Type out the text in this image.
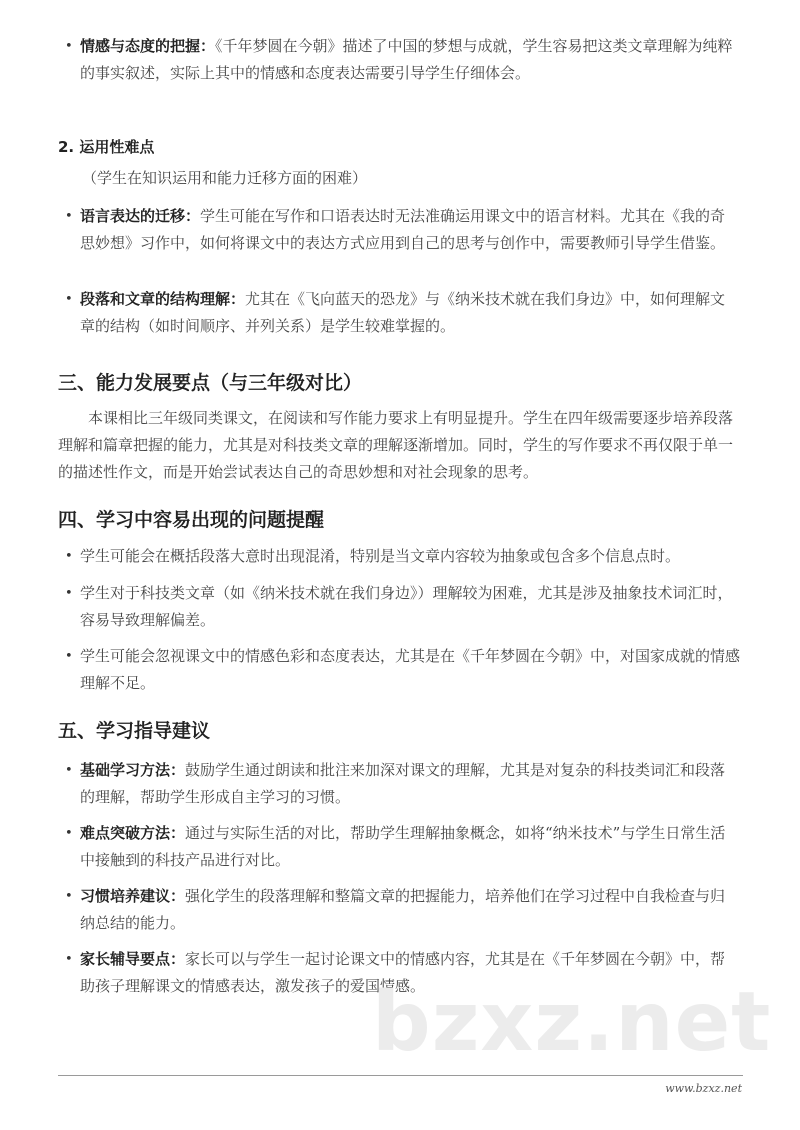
• 情感与态度的把握：《千年梦圆在今朝》描述了中国的梦想与成就，学生容易把这类文章理解为纯粹的事实叙述，实际上其中的情感和态度表达需要引导学生仔细体会。
2. 运用性难点
（学生在知识运用和能力迁移方面的困难）
• 语言表达的迁移：学生可能在写作和口语表达时无法准确运用课文中的语言材料。尤其在《我的奇思妙想》习作中，如何将课文中的表达方式应用到自己的思考与创作中，需要教师引导学生借鉴。
• 段落和文章的结构理解：尤其在《飞向蓝天的恐龙》与《纳米技术就在我们身边》中，如何理解文章的结构（如时间顺序、并列关系）是学生较难掌握的。
三、能力发展要点（与三年级对比）
本课相比三年级同类课文，在阅读和写作能力要求上有明显提升。学生在四年级需要逐步培养段落理解和篇章把握的能力，尤其是对科技类文章的理解逐渐增加。同时，学生的写作要求不再仅限于单一的描述性作文，而是开始尝试表达自己的奇思妙想和对社会现象的思考。
四、学习中容易出现的问题提醒
• 学生可能会在概括段落大意时出现混淆，特别是当文章内容较为抽象或包含多个信息点时。
• 学生对于科技类文章（如《纳米技术就在我们身边》）理解较为困难，尤其是涉及抽象技术词汇时，容易导致理解偏差。
• 学生可能会忽视课文中的情感色彩和态度表达，尤其是在《千年梦圆在今朝》中，对国家成就的情感理解不足。
五、学习指导建议
• 基础学习方法：鼓励学生通过朗读和批注来加深对课文的理解，尤其是对复杂的科技类词汇和段落的理解，帮助学生形成自主学习的习惯。
• 难点突破方法：通过与实际生活的对比，帮助学生理解抽象概念，如将“纳米技术”与学生日常生活中接触到的科技产品进行对比。
• 习惯培养建议：强化学生的段落理解和整篇文章的把握能力，培养他们在学习过程中自我检查与归纳总结的能力。
• 家长辅导要点：家长可以与学生一起讨论课文中的情感内容，尤其是在《千年梦圆在今朝》中，帮助孩子理解课文的情感表达，激发孩子的爱国情感。
bzxz.net
www.bzxz.net
